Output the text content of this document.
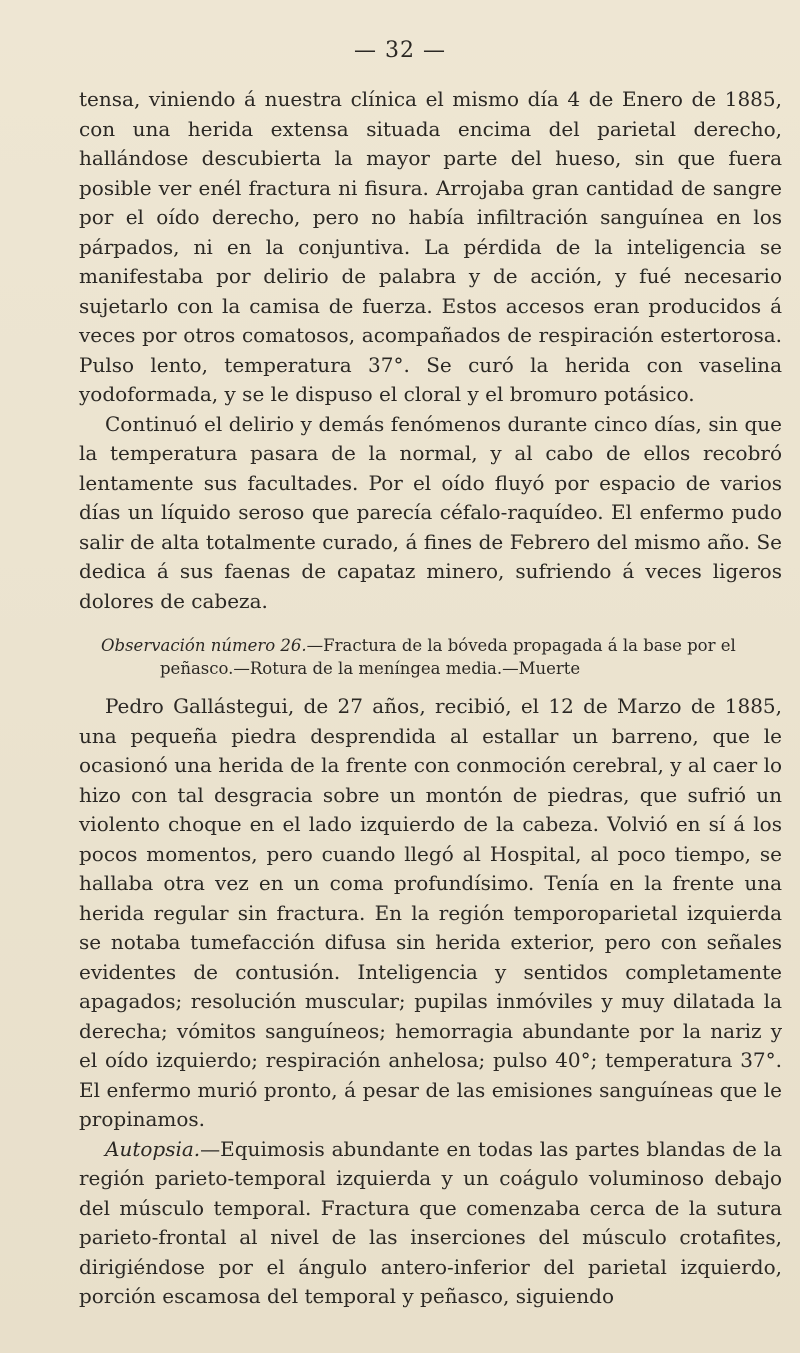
— 32 —

tensa, viniendo á nuestra clínica el mismo día 4 de Enero de 1885, con una herida extensa situada encima del parietal derecho, hallándose descubierta la mayor parte del hueso, sin que fuera posible ver enél fractura ni fisura. Arrojaba gran cantidad de sangre por el oído derecho, pero no había infiltración sanguínea en los párpados, ni en la conjuntiva. La pérdida de la inteligencia se manifestaba por delirio de palabra y de acción, y fué necesario sujetarlo con la camisa de fuerza. Estos accesos eran producidos á veces por otros comatosos, acompañados de respiración estertorosa. Pulso lento, temperatura 37°. Se curó la herida con vaselina yodoformada, y se le dispuso el cloral y el bromuro potásico.

Continuó el delirio y demás fenómenos durante cinco días, sin que la temperatura pasara de la normal, y al cabo de ellos recobró lentamente sus facultades. Por el oído fluyó por espacio de varios días un líquido seroso que parecía céfalo-raquídeo. El enfermo pudo salir de alta totalmente curado, á fines de Febrero del mismo año. Se dedica á sus faenas de capataz minero, sufriendo á veces ligeros dolores de cabeza.

Observación número 26.—Fractura de la bóveda propagada á la base por el
peñasco.—Rotura de la meníngea media.—Muerte

Pedro Gallástegui, de 27 años, recibió, el 12 de Marzo de 1885, una pequeña piedra desprendida al estallar un barreno, que le ocasionó una herida de la frente con conmoción cerebral, y al caer lo hizo con tal desgracia sobre un montón de piedras, que sufrió un violento choque en el lado izquierdo de la cabeza. Volvió en sí á los pocos momentos, pero cuando llegó al Hospital, al poco tiempo, se hallaba otra vez en un coma profundísimo. Tenía en la frente una herida regular sin fractura. En la región temporoparietal izquierda se notaba tumefacción difusa sin herida exterior, pero con señales evidentes de contusión. Inteligencia y sentidos completamente apagados; resolución muscular; pupilas inmóviles y muy dilatada la derecha; vómitos sanguíneos; hemorragia abundante por la nariz y el oído izquierdo; respiración anhelosa; pulso 40°; temperatura 37°. El enfermo murió pronto, á pesar de las emisiones sanguíneas que le propinamos.

Autopsia.—Equimosis abundante en todas las partes blandas de la región parieto-temporal izquierda y un coágulo voluminoso debajo del músculo temporal. Fractura que comenzaba cerca de la sutura parieto-frontal al nivel de las inserciones del músculo crotafites, dirigiéndose por el ángulo antero-inferior del parietal izquierdo, porción escamosa del temporal y peñasco, siguiendo
